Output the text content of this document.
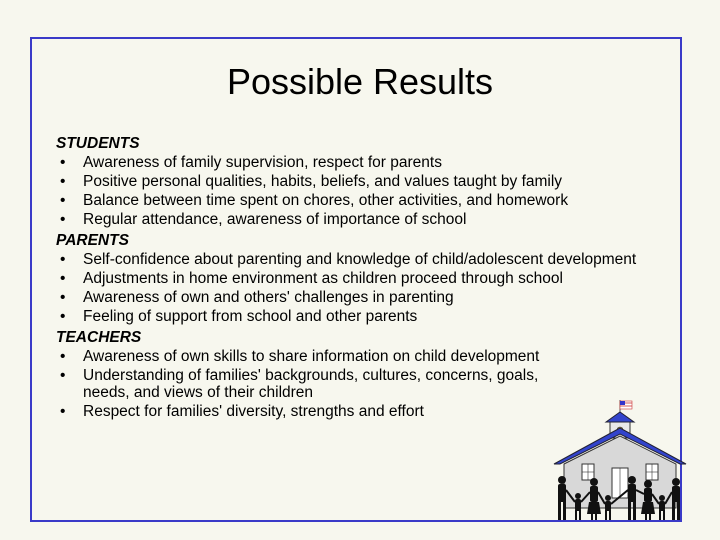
Possible Results

STUDENTS

• Awareness of family supervision, respect for parents
• Positive personal qualities, habits, beliefs, and values taught by family
• Balance between time spent on chores, other activities, and homework
• Regular attendance, awareness of importance of school

PARENTS

• Self-confidence about parenting and knowledge of child/adolescent development
• Adjustments in home environment as children proceed through school
• Awareness of own and others' challenges in parenting
• Feeling of support from school and other parents

TEACHERS

• Awareness of own skills to share information on child development
• Understanding of families' backgrounds, cultures, concerns, goals, needs, and views of their children
• Respect for families' diversity, strengths and effort
